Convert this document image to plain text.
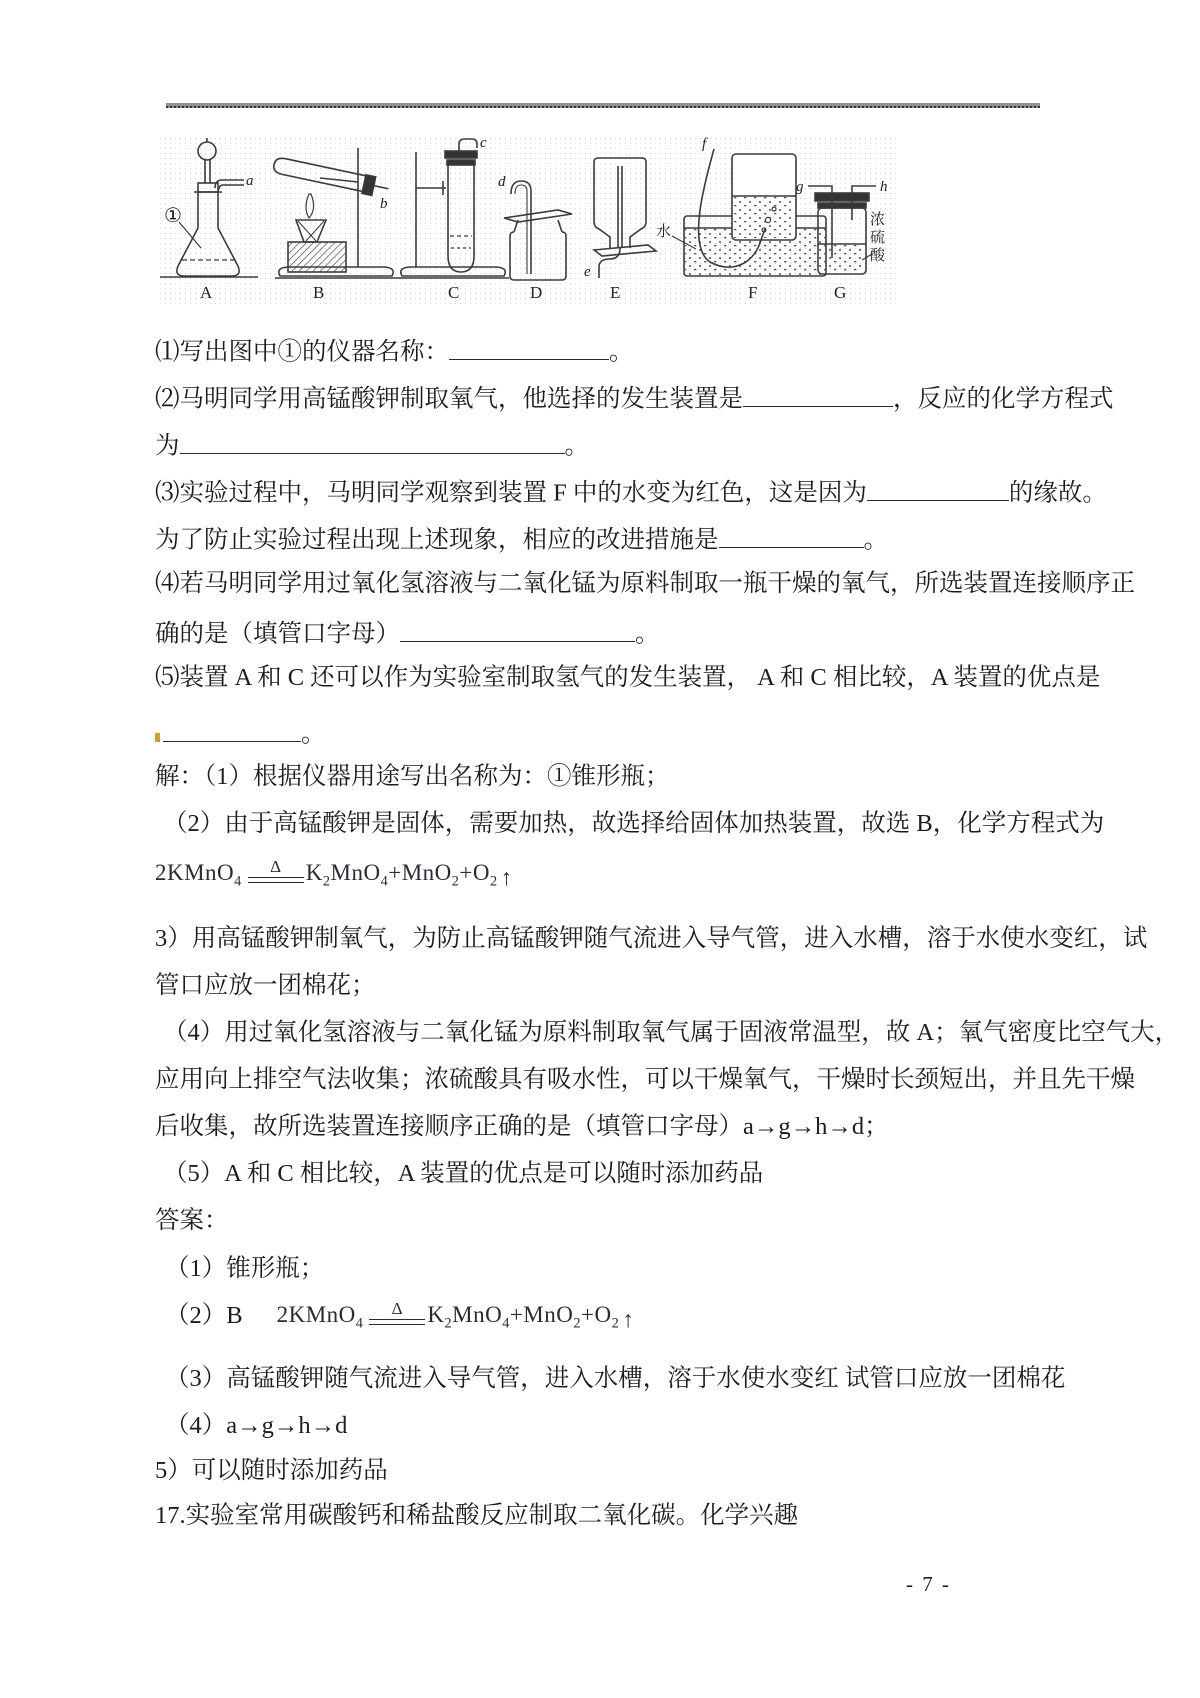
a
b
c
d
e
f
g	h
①
水
浓
硫
酸
A	B	C	D	E	F	G
⑴写出图中①的仪器名称：	。
⑵马明同学用高锰酸钾制取氧气，他选择的发生装置是	，反应的化学方程式
为	。
⑶实验过程中，马明同学观察到装置 F 中的水变为红色，这是因为	的缘故。
为了防止实验过程出现上述现象，相应的改进措施是	。
⑷若马明同学用过氧化氢溶液与二氧化锰为原料制取一瓶干燥的氧气，所选装置连接顺序正
确的是（填管口字母）	。
⑸装置 A 和 C 还可以作为实验室制取氢气的发生装置， A 和 C 相比较，A 装置的优点是
。
解：（1）根据仪器用途写出名称为：①锥形瓶；
（2）由于高锰酸钾是固体，需要加热，故选择给固体加热装置，故选 B，化学方程式为
2KMnO$_4$
Δ $K_2MnO_4+MnO_2+O_2$ ↑
3）用高锰酸钾制氧气，为防止高锰酸钾随气流进入导气管，进入水槽，溶于水使水变红，试
管口应放一团棉花；
（4）用过氧化氢溶液与二氧化锰为原料制取氧气属于固液常温型，故 A；氧气密度比空气大，
应用向上排空气法收集；浓硫酸具有吸水性，可以干燥氧气，干燥时长颈短出，并且先干燥
后收集，故所选装置连接顺序正确的是（填管口字母）a→g→h→d；
（5）A 和 C 相比较，A 装置的优点是可以随时添加药品
答案：
（1）锥形瓶；
（2）B 2KMnO$_4$
Δ $K_2MnO_4+MnO_2+O_2$ ↑
（3）高锰酸钾随气流进入导气管，进入水槽，溶于水使水变红 试管口应放一团棉花
（4）a→g→h→d
5）可以随时添加药品
17.实验室常用碳酸钙和稀盐酸反应制取二氧化碳。化学兴趣
- 7 -
